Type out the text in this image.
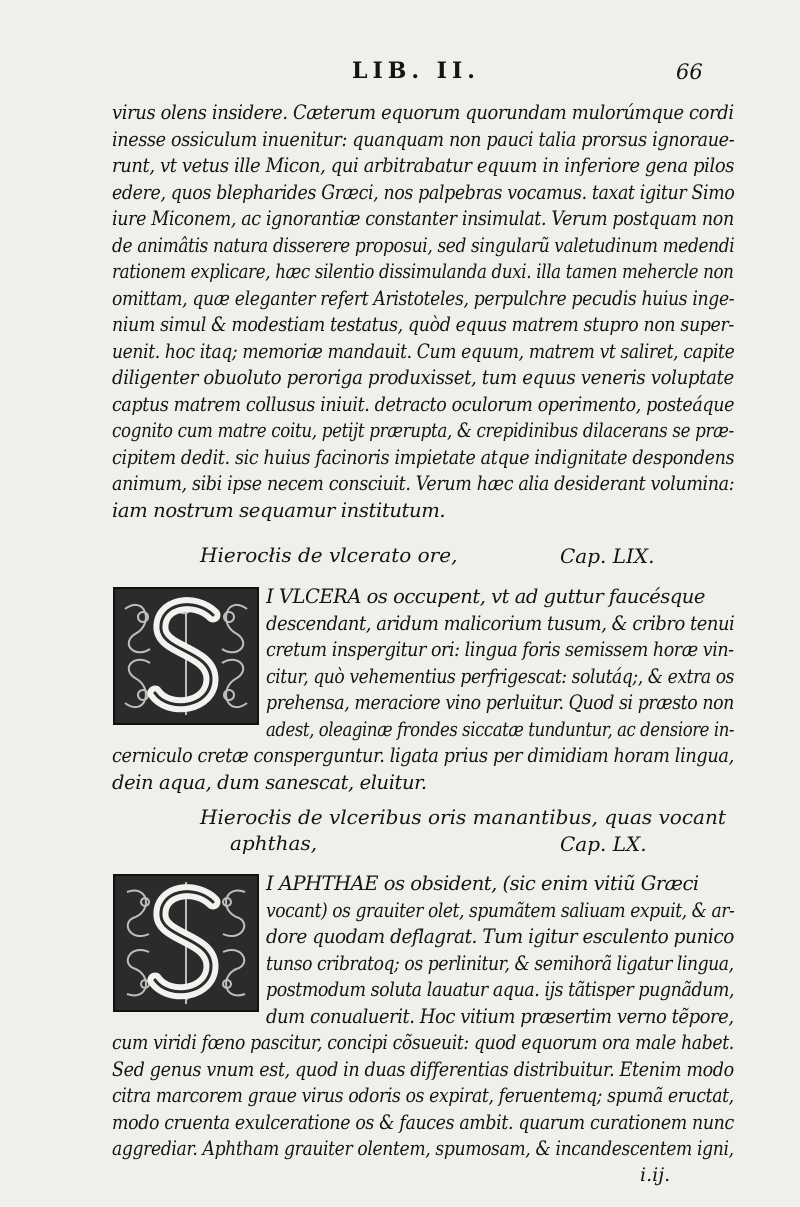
LIB. II.	66
virus olens insidere. Cæterum equorum quorundam mulorúmque cordi
inesse ossiculum inuenitur: quanquam non pauci talia prorsus ignoraue-
runt, vt vetus ille Micon, qui arbitrabatur equum in inferiore gena pilos
edere, quos blepharides Græci, nos palpebras vocamus. taxat igitur Simo
iure Miconem, ac ignorantiæ constanter insimulat. Verum postquam non
de animâtis natura disserere proposui, sed singularũ valetudinum medendi
rationem explicare, hæc silentio dissimulanda duxi. illa tamen mehercle non
omittam, quæ eleganter refert Aristoteles, perpulchre pecudis huius inge-
nium simul & modestiam testatus, quòd equus matrem stupro non super-
uenit. hoc itaq; memoriæ mandauit. Cum equum, matrem vt saliret, capite
diligenter obuoluto peroriga produxisset, tum equus veneris voluptate
captus matrem collusus iniuit. detracto oculorum operimento, posteáque
cognito cum matre coitu, petijt prærupta, & crepidinibus dilacerans se præ-
cipitem dedit. sic huius facinoris impietate atque indignitate despondens
animum, sibi ipse necem consciuit. Verum hæc alia desiderant volumina:
iam nostrum sequamur institutum.
Hierocłis de vlcerato ore,	Cap. LIX.
S
I VLCERA os occupent, vt ad guttur faucésque
descendant, aridum malicorium tusum, & cribro tenui
cretum inspergitur ori: lingua foris semissem horæ vin-
citur, quò vehementius perfrigescat: solutáq;, & extra os
prehensa, meraciore vino perluitur. Quod si præsto non
adest, oleaginæ frondes siccatæ tunduntur, ac densiore in-
cerniculo cretæ consperguntur. ligata prius per dimidiam horam lingua,
dein aqua, dum sanescat, eluitur.
Hierocłis de vlceribus oris manantibus, quas vocant
aphthas,	Cap. LX.
S
I APHTHAE os obsident, (sic enim vitiũ Græci
vocant) os grauiter olet, spumãtem saliuam expuit, & ar-
dore quodam deflagrat. Tum igitur esculento punico
tunso cribratoq; os perlinitur, & semihorã ligatur lingua,
postmodum soluta lauatur aqua. ijs tãtisper pugnãdum,
dum conualuerit. Hoc vitium præsertim verno tẽpore,
cum viridi fœno pascitur, concipi cõsueuit: quod equorum ora male habet.
Sed genus vnum est, quod in duas differentias distribuitur. Etenim modo
citra marcorem graue virus odoris os expirat, feruentemq; spumã eructat,
modo cruenta exulceratione os & fauces ambit. quarum curationem nunc
aggrediar. Aphtham grauiter olentem, spumosam, & incandescentem igni,
i.ij.
